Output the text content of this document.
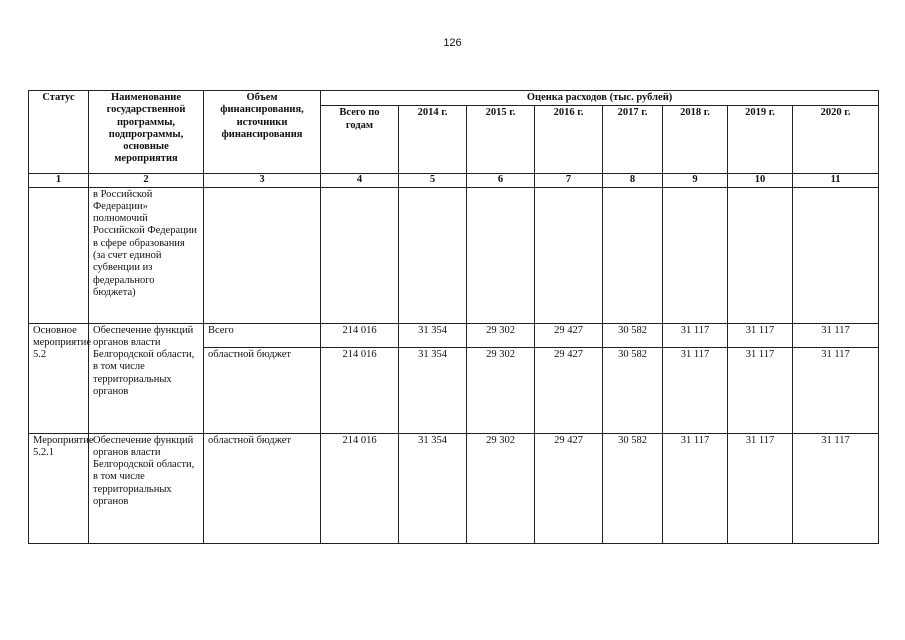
126
Статус	Наименование государственной программы, подпрограммы, основные мероприятия	Объем финансирования, источники финансирования	Оценка расходов (тыс. рублей)							
			Всего по годам	2014 г.	2015 г.	2016 г.	2017 г.	2018 г.	2019 г.	2020 г.
1	2	3	4	5	6	7	8	9	10	11
	в Российской Федерации» полномочий Российской Федерации в сфере образования (за счет единой субвенции из федерального бюджета)									
Основное мероприятие 5.2	Обеспечение функций органов власти Белгородской области, в том числе территориальных органов	Всего	214 016	31 354	29 302	29 427	30 582	31 117	31 117	31 117
		областной бюджет	214 016	31 354	29 302	29 427	30 582	31 117	31 117	31 117
Мероприятие 5.2.1	Обеспечение функций органов власти Белгородской области, в том числе территориальных органов	областной бюджет	214 016	31 354	29 302	29 427	30 582	31 117	31 117	31 117
